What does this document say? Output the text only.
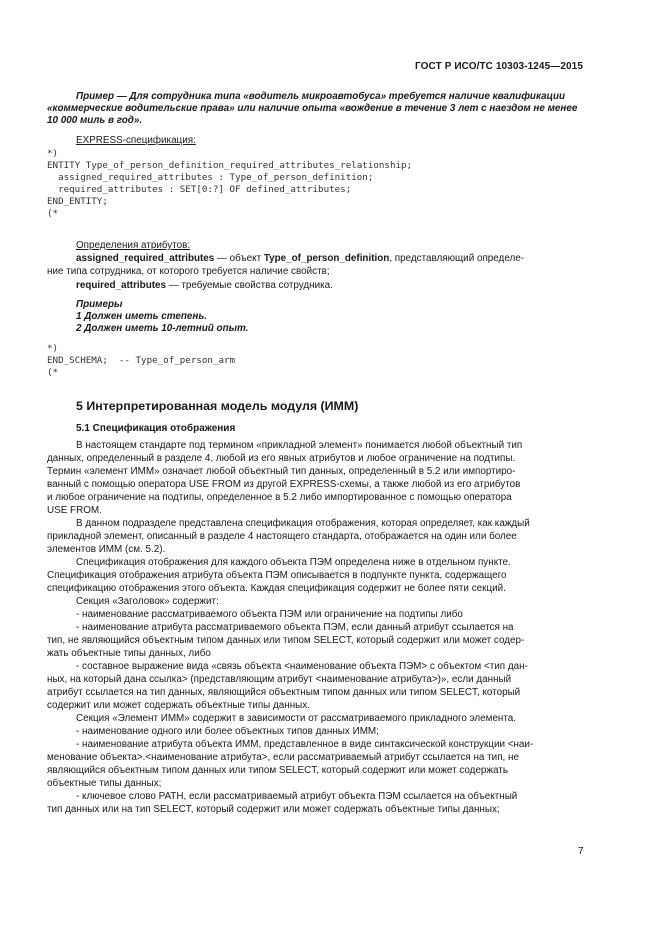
ГОСТ Р ИСО/ТС 10303-1245—2015
Пример — Для сотрудника типа «водитель микроавтобуса» требуется наличие квалификации
«коммерческие водительские права» или наличие опыта «вождение в течение 3 лет с наездом не менее
10 000 миль в год».
EXPRESS-спецификация:
*)
ENTITY Type_of_person_definition_required_attributes_relationship;
assigned_required_attributes : Type_of_person_definition;
required_attributes : SET[0:?] OF defined_attributes;
END_ENTITY;
(*
Определения атрибутов:
assigned_required_attributes — объект Type_of_person_definition, представляющий определе-
ние типа сотрудника, от которого требуется наличие свойств;
required_attributes — требуемые свойства сотрудника.
Примеры
1 Должен иметь степень.
2 Должен иметь 10-летний опыт.
*)
END_SCHEMA;  -- Type_of_person_arm
(*
5 Интерпретированная модель модуля (ИММ)
5.1 Спецификация отображения
В настоящем стандарте под термином «прикладной элемент» понимается любой объектный тип
данных, определенный в разделе 4, любой из его явных атрибутов и любое ограничение на подтипы.
Термин «элемент ИММ» означает любой объектный тип данных, определенный в 5.2 или импортиро-
ванный с помощью оператора USE FROM из другой EXPRESS-схемы, а также любой из его атрибутов
и любое ограничение на подтипы, определенное в 5.2 либо импортированное с помощью оператора
USE FROM.
В данном подразделе представлена спецификация отображения, которая определяет, как каждый
прикладной элемент, описанный в разделе 4 настоящего стандарта, отображается на один или более
элементов ИММ (см. 5.2).
Спецификация отображения для каждого объекта ПЭМ определена ниже в отдельном пункте.
Спецификация отображения атрибута объекта ПЭМ описывается в подпункте пункта, содержащего
спецификацию отображения этого объекта. Каждая спецификация содержит не более пяти секций.
Секция «Заголовок» содержит:
- наименование рассматриваемого объекта ПЭМ или ограничение на подтипы либо
- наименование атрибута рассматриваемого объекта ПЭМ, если данный атрибут ссылается на
тип, не являющийся объектным типом данных или типом SELECT, который содержит или может содер-
жать объектные типы данных, либо
- составное выражение вида «связь объекта <наименование объекта ПЭМ> с объектом <тип дан-
ных, на который дана ссылка> (представляющим атрибут <наименование атрибута>)», если данный
атрибут ссылается на тип данных, являющийся объектным типом данных или типом SELECT, который
содержит или может содержать объектные типы данных.
Секция «Элемент ИММ» содержит в зависимости от рассматриваемого прикладного элемента.
- наименование одного или более объектных типов данных ИММ;
- наименование атрибута объекта ИММ, представленное в виде синтаксической конструкции <наи-
менование объекта>.<наименование атрибута>, если рассматриваемый атрибут ссылается на тип, не
являющийся объектным типом данных или типом SELECT, который содержит или может содержать
объектные типы данных;
- ключевое слово PATH, если рассматриваемый атрибут объекта ПЭМ ссылается на объектный
тип данных или на тип SELECT, который содержит или может содержать объектные типы данных;
7
